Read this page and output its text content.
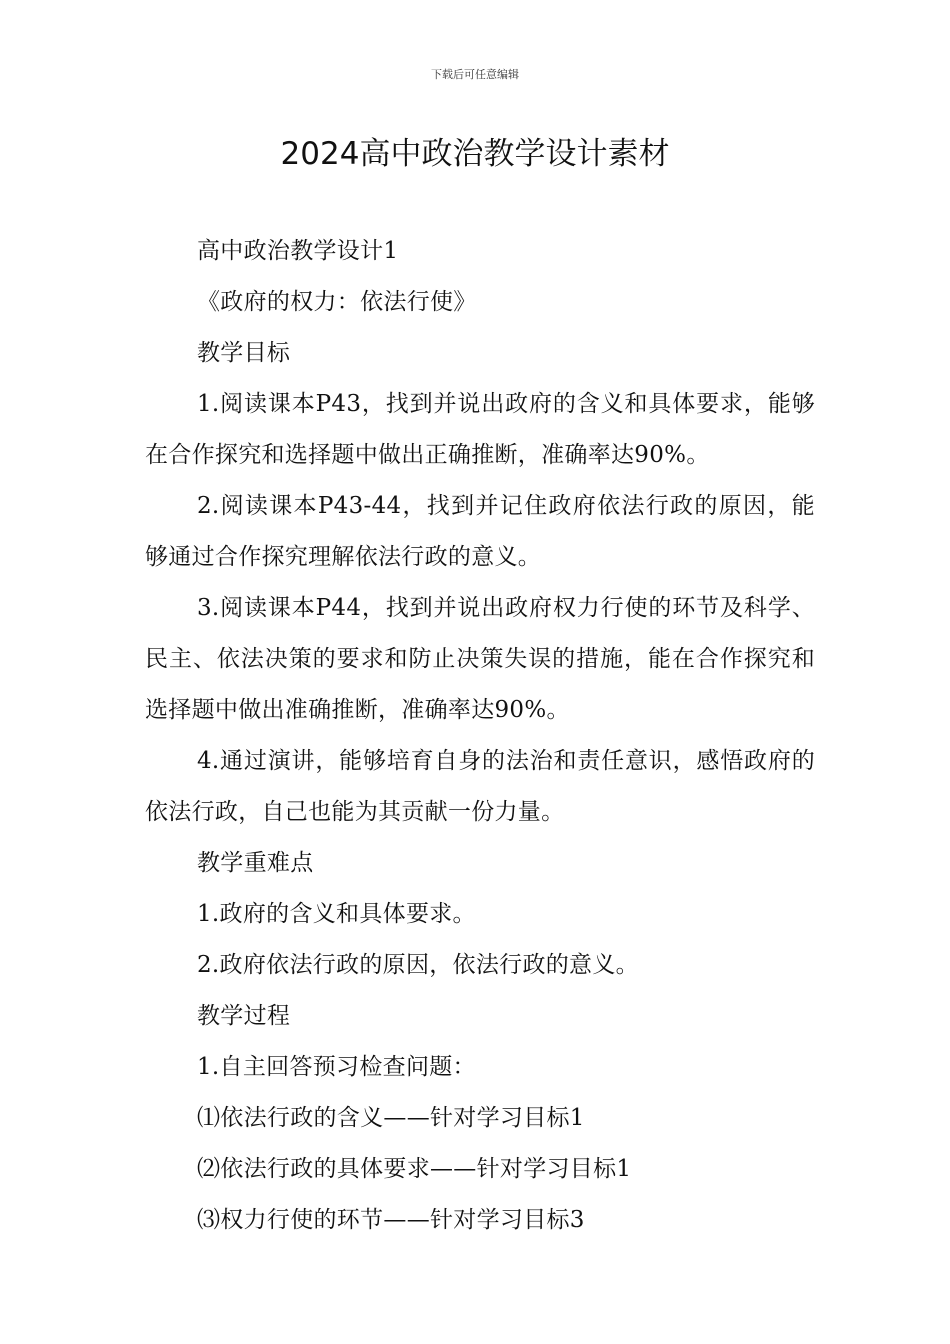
下载后可任意编辑
2024高中政治教学设计素材

高中政治教学设计1

《政府的权力：依法行使》

教学目标

1.阅读课本P43，找到并说出政府的含义和具体要求，能够在合作探究和选择题中做出正确推断，准确率达90%。

2.阅读课本P43-44，找到并记住政府依法行政的原因，能够通过合作探究理解依法行政的意义。

3.阅读课本P44，找到并说出政府权力行使的环节及科学、民主、依法决策的要求和防止决策失误的措施，能在合作探究和选择题中做出准确推断，准确率达90%。

4.通过演讲，能够培育自身的法治和责任意识，感悟政府的依法行政，自己也能为其贡献一份力量。

教学重难点

1.政府的含义和具体要求。

2.政府依法行政的原因，依法行政的意义。

教学过程

1.自主回答预习检查问题：

⑴依法行政的含义——针对学习目标1

⑵依法行政的具体要求——针对学习目标1

⑶权力行使的环节——针对学习目标3
